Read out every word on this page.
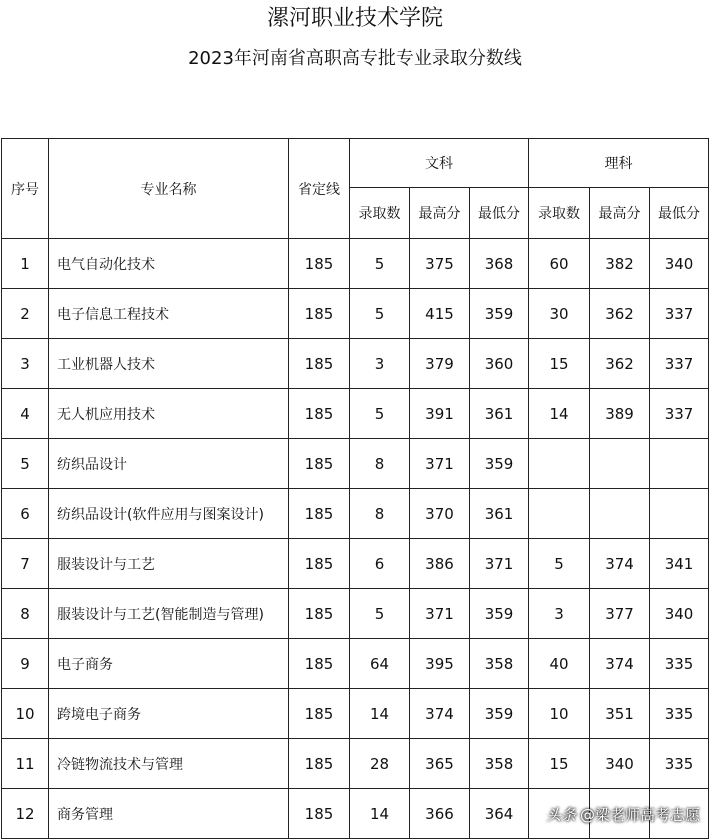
漯河职业技术学院
2023年河南省高职高专批专业录取分数线
序号	专业名称	省定线	文科			理科		
			录取数	最高分	最低分	录取数	最高分	最低分
1	电气自动化技术	185	5	375	368	60	382	340
2	电子信息工程技术	185	5	415	359	30	362	337
3	工业机器人技术	185	3	379	360	15	362	337
4	无人机应用技术	185	5	391	361	14	389	337
5	纺织品设计	185	8	371	359			
6	纺织品设计(软件应用与图案设计)	185	8	370	361			
7	服装设计与工艺	185	6	386	371	5	374	341
8	服装设计与工艺(智能制造与管理)	185	5	371	359	3	377	340
9	电子商务	185	64	395	358	40	374	335
10	跨境电子商务	185	14	374	359	10	351	335
11	冷链物流技术与管理	185	28	365	358	15	340	335
12	商务管理	185	14	366	364			头条 @梁老师高考志愿
